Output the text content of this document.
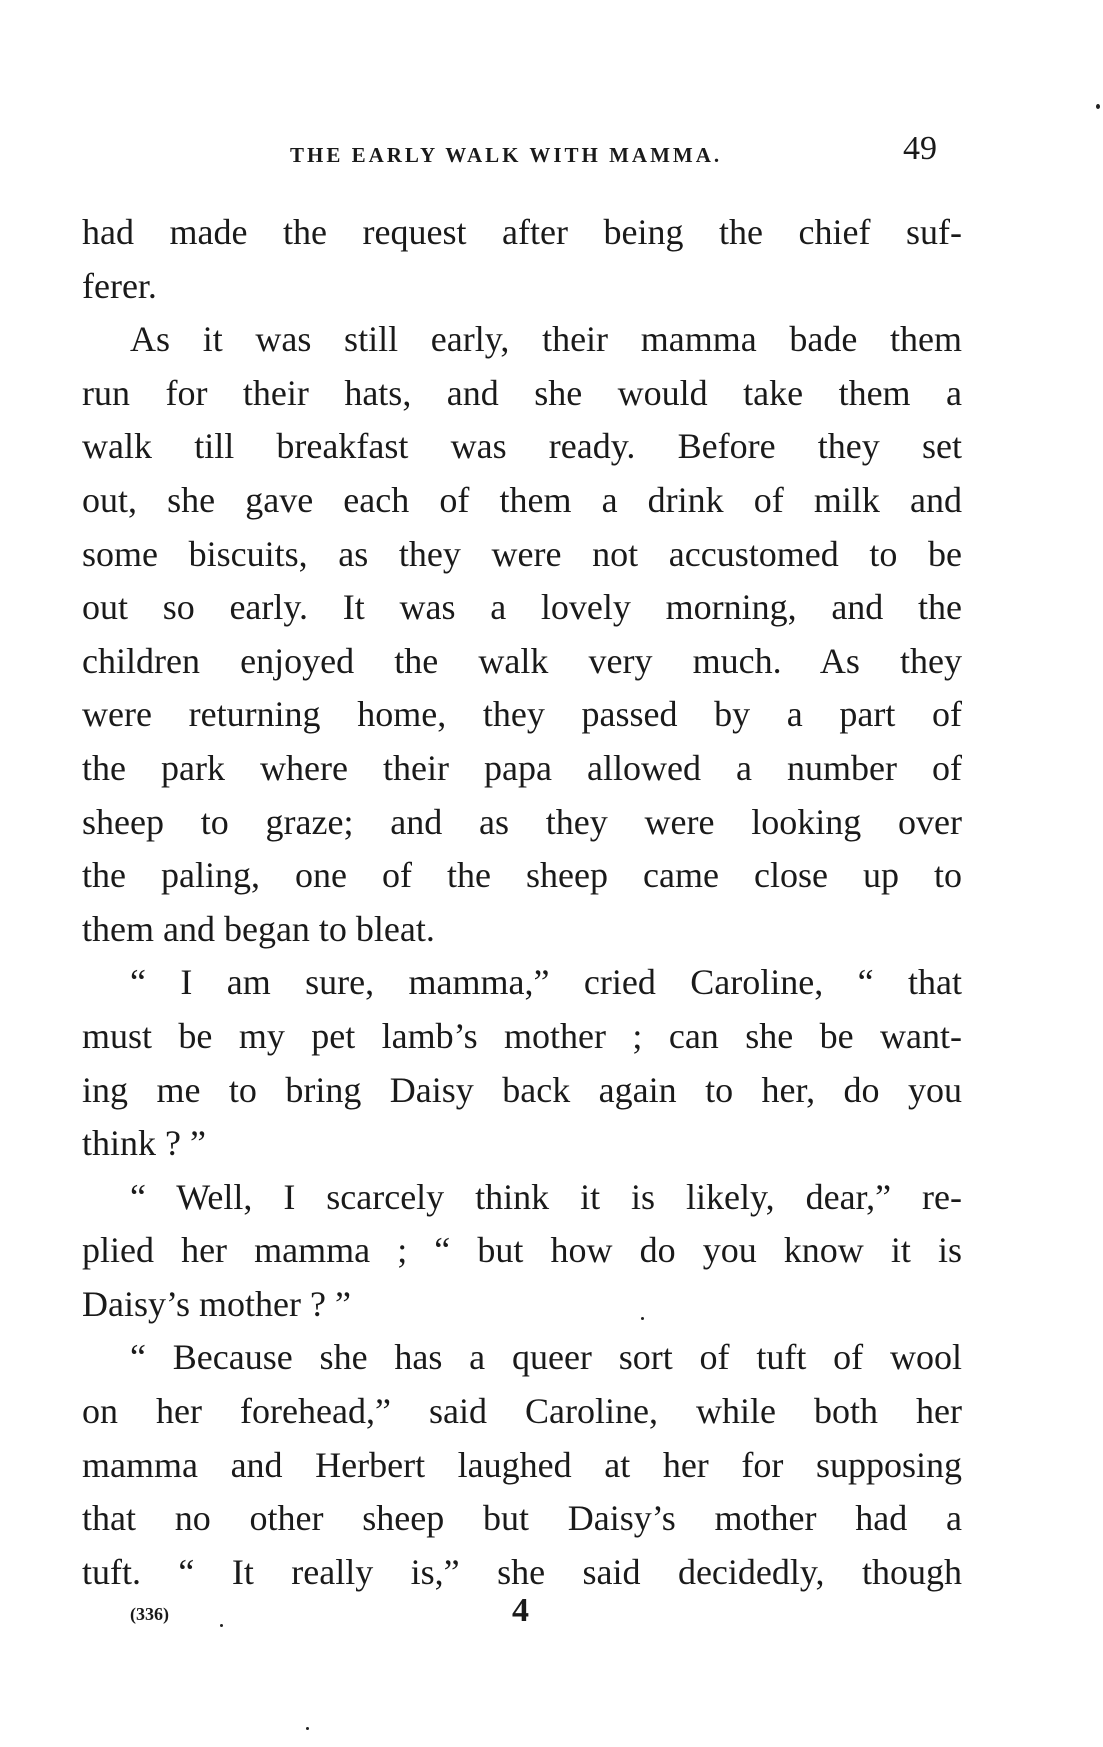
THE EARLY WALK WITH MAMMA.	49
had made the request after being the chief suf-
ferer.
As it was still early, their mamma bade them
run for their hats, and she would take them a
walk till breakfast was ready. Before they set
out, she gave each of them a drink of milk and
some biscuits, as they were not accustomed to be
out so early. It was a lovely morning, and the
children enjoyed the walk very much. As they
were returning home, they passed by a part of
the park where their papa allowed a number of
sheep to graze; and as they were looking over
the paling, one of the sheep came close up to
them and began to bleat.
“ I am sure, mamma,” cried Caroline, “ that
must be my pet lamb’s mother ; can she be want-
ing me to bring Daisy back again to her, do you
think ? ”
“ Well, I scarcely think it is likely, dear,” re-
plied her mamma ; “ but how do you know it is
Daisy’s mother ? ”
“ Because she has a queer sort of tuft of wool
on her forehead,” said Caroline, while both her
mamma and Herbert laughed at her for supposing
that no other sheep but Daisy’s mother had a
tuft. “ It really is,” she said decidedly, though
(336)	4
